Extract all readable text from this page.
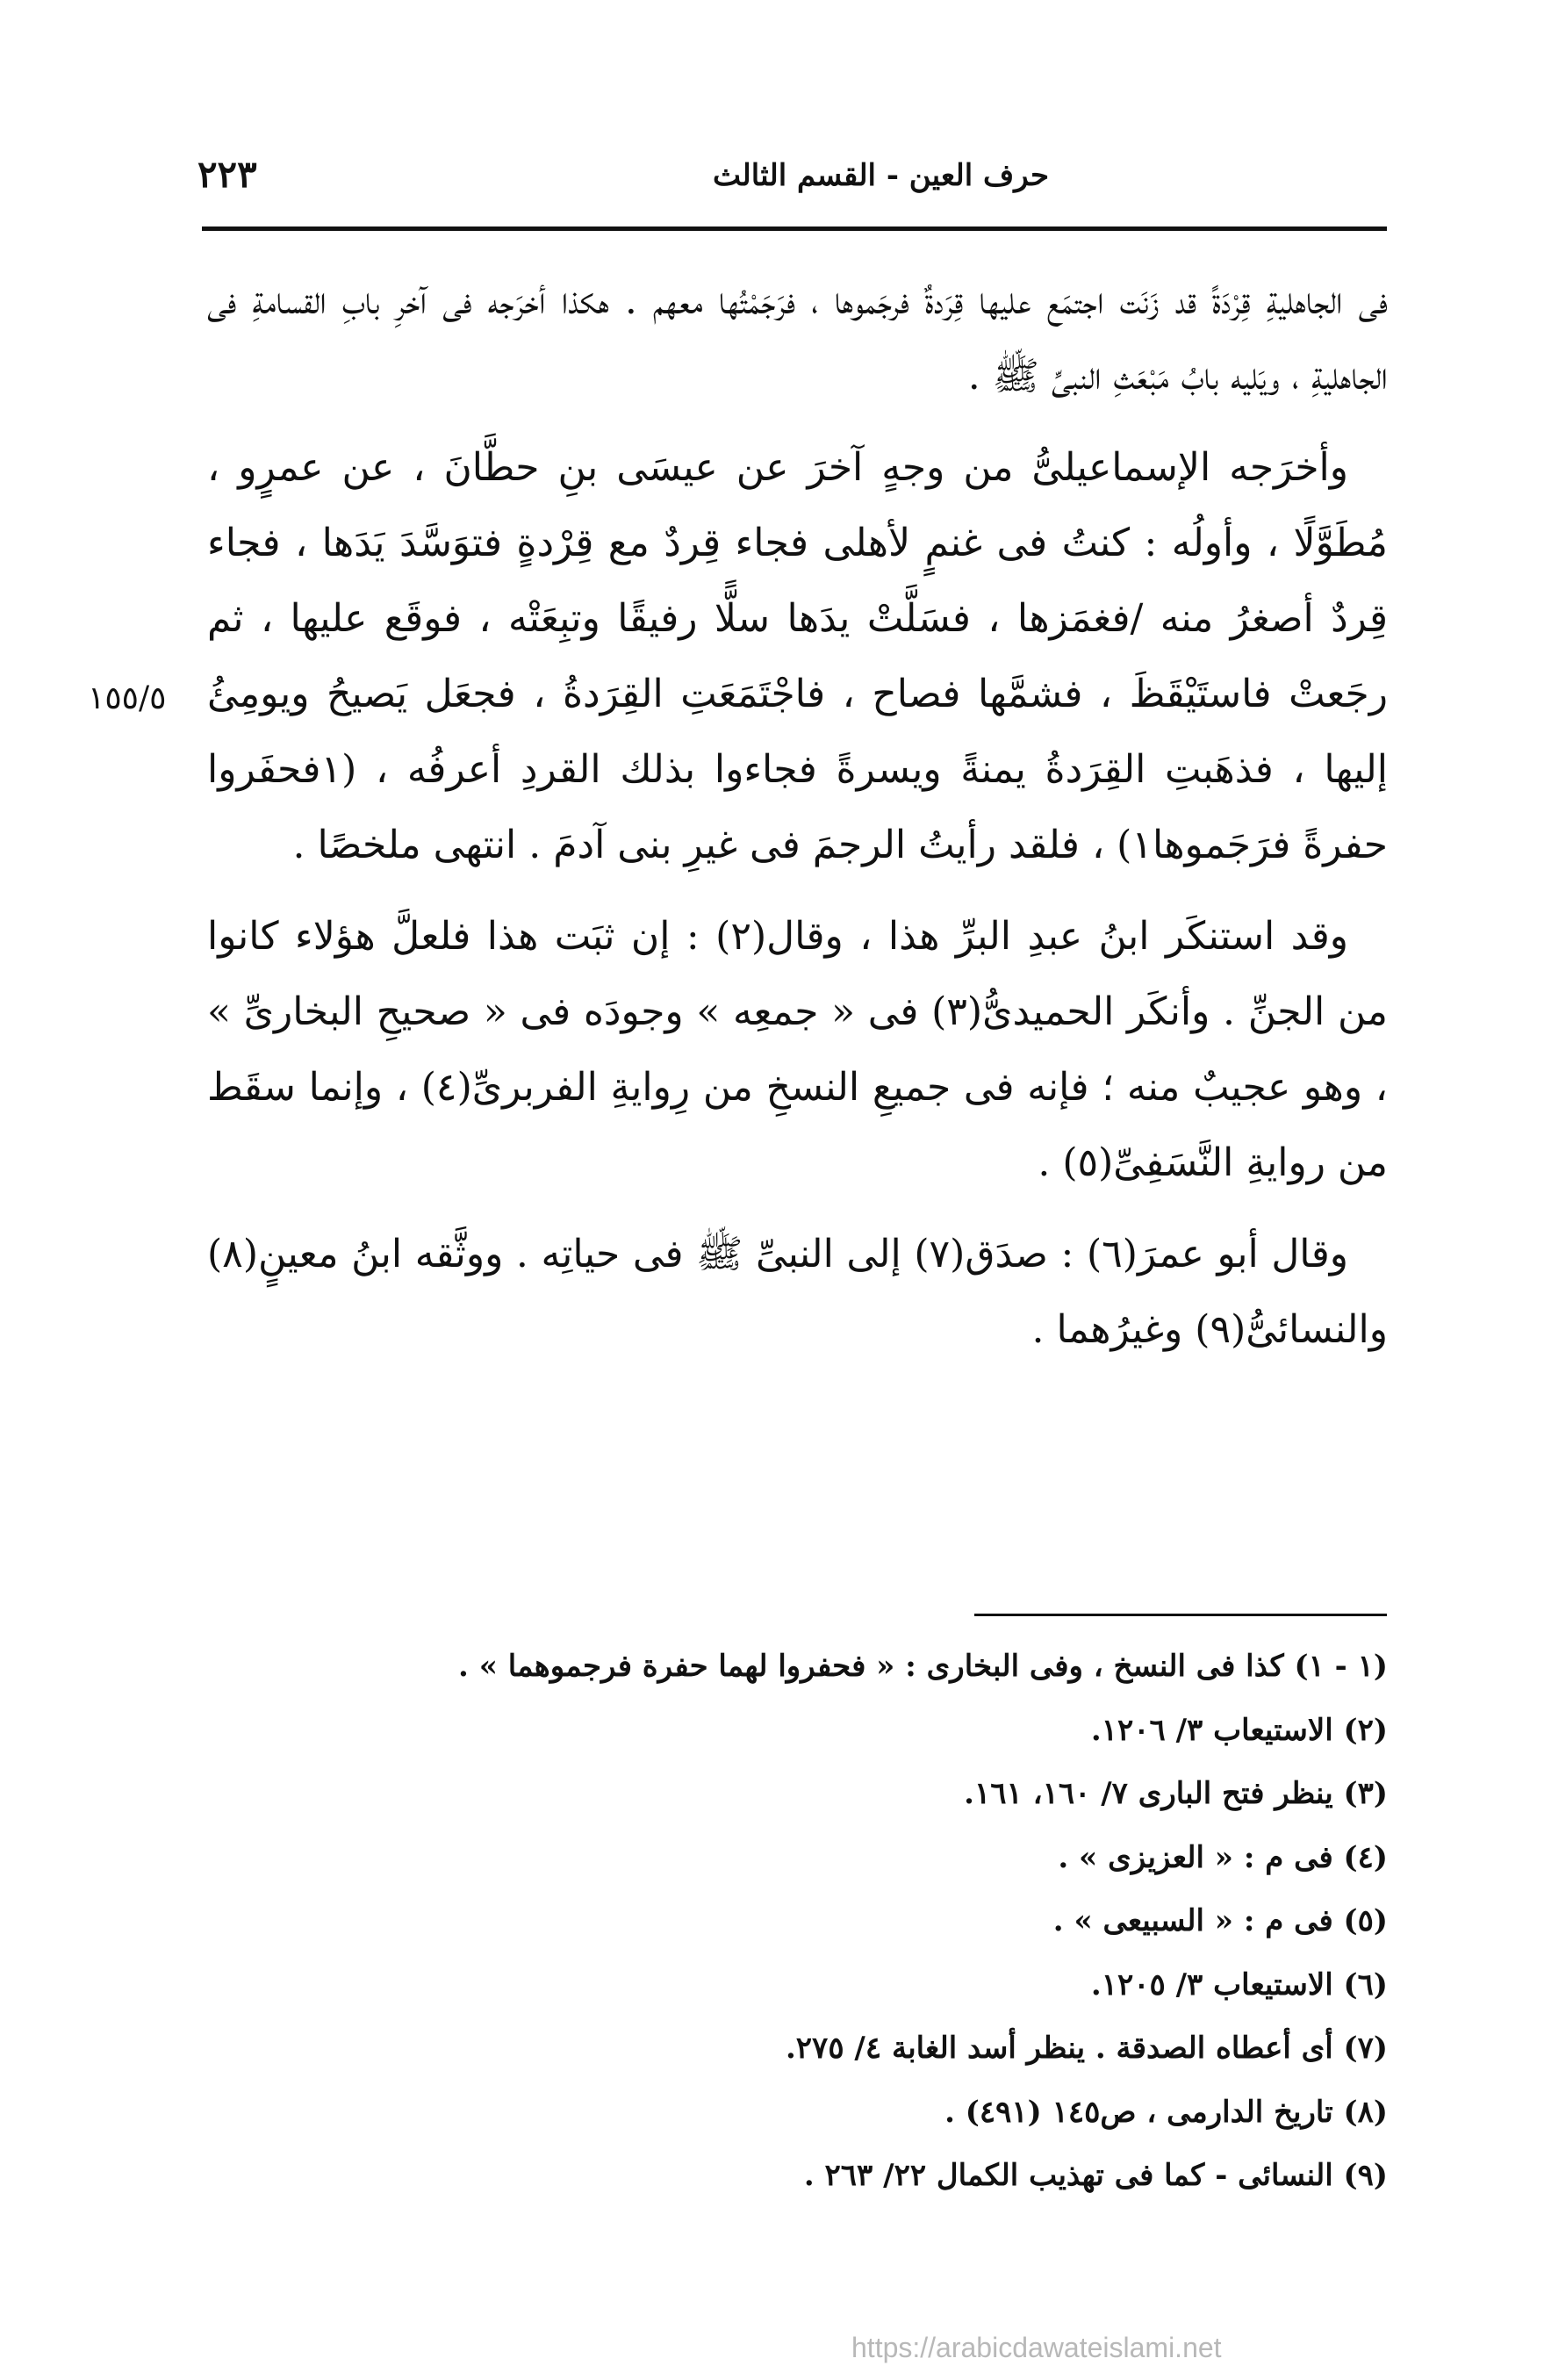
حرف العين - القسم الثالث
٢٢٣
١٥٥/٥

فى الجاهليةِ قِرْدَةً قد زَنَت اجتمَع عليها قِرَدةٌ فرجَموها ، فرَجَمْتُها معهم . هكذا أخرَجه فى آخرِ بابِ القسامةِ فى الجاهليةِ ، ويَليه بابُ مَبْعَثِ النبىِّ ﷺ .

وأخرَجه الإسماعيلىُّ من وجهٍ آخرَ عن عيسَى بنِ حطَّانَ ، عن عمرٍو ، مُطَوَّلًا ، وأولُه : كنتُ فى غنمٍ لأهلى فجاء قِردٌ مع قِرْدةٍ فتوَسَّدَ يَدَها ، فجاء قِردٌ أصغرُ منه /فغمَزها ، فسَلَّتْ يدَها سلًّا رفيقًا وتبِعَتْه ، فوقَع عليها ، ثم رجَعتْ فاستَيْقَظَ ، فشمَّها فصاح ، فاجْتَمَعَتِ القِرَدةُ ، فجعَل يَصيحُ ويومِئُ إليها ، فذهَبتِ القِرَدةُ يمنةً ويسرةً فجاءوا بذلك القردِ أعرفُه ، (١فحفَروا حفرةً فرَجَموها١) ، فلقد رأيتُ الرجمَ فى غيرِ بنى آدمَ . انتهى ملخصًا .

وقد استنكَر ابنُ عبدِ البرِّ هذا ، وقال(٢) : إن ثبَت هذا فلعلَّ هؤلاء كانوا من الجنِّ . وأنكَر الحميدىُّ(٣) فى « جمعِه » وجودَه فى « صحيحِ البخارىِّ » ، وهو عجيبٌ منه ؛ فإنه فى جميعِ النسخِ من رِوايةِ الفربرىِّ(٤) ، وإنما سقَط من روايةِ النَّسَفِىِّ(٥) .

وقال أبو عمرَ(٦) : صدَق(٧) إلى النبىِّ ﷺ فى حياتِه . ووثَّقه ابنُ معينٍ(٨) والنسائىُّ(٩) وغيرُهما .

(١ - ١) كذا فى النسخ ، وفى البخارى : « فحفروا لهما حفرة فرجموهما » .
(٢) الاستيعاب ٣/ ١٢٠٦.
(٣) ينظر فتح البارى ٧/ ١٦٠، ١٦١.
(٤) فى م : « العزيزى » .
(٥) فى م : « السبيعى » .
(٦) الاستيعاب ٣/ ١٢٠٥.
(٧) أى أعطاه الصدقة . ينظر أسد الغابة ٤/ ٢٧٥.
(٨) تاريخ الدارمى ، ص١٤٥ (٤٩١) .
(٩) النسائى - كما فى تهذيب الكمال ٢٢/ ٢٦٣ .
https://arabicdawateislami.net
